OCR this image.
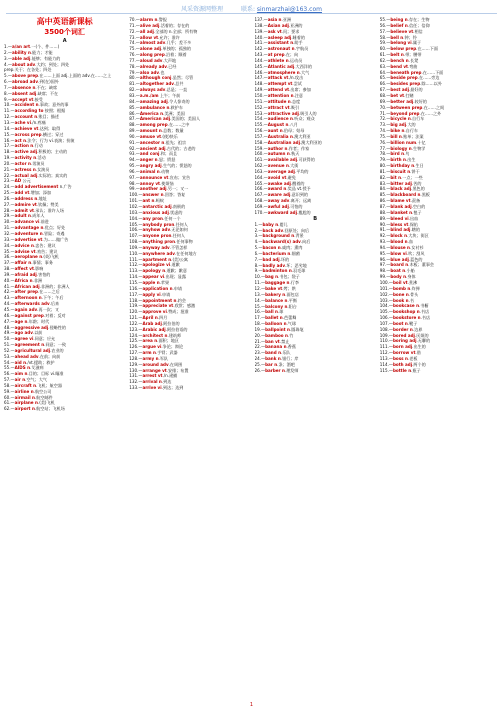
风采资源网整理	联系: sinmarzhai@163.com
高中英语新课标
3500个词汇
A
1.—a/an art.一(个、件……)
2.—ability n.能力；才能
3.—able adj.能够；有能力的
4.—about adv.大约；到处；四处
prep.关于；在各处；四处
5.—above prep.在……上面 adj.上面的 adv.在……之上
6.—abroad adv.到(在)国外
7.—absence n.不在；缺席
8.—absent adj.缺席；不在
9.—accept vt.接受
10.—accident n.事故；意外的事
11.—according to 按照；根据
12.—account n.账目；描述
13.—ache vi./n.疼痛
14.—achieve vt.达到；取得
15.—across prep.横过；穿过
16.—act n.法令；行为 vi.表演；扮演
17.—action n.行动
18.—active adj.积极的；主动的
19.—activity n.活动
20.—actor n.男演员
21.—actress n.女演员
22.—actual adj.实际的；真实的
23.—AD 公元
24.—add advertisement n.广告
25.—add vt.增加；添加
26.—address n.地址
27.—admire vt.钦佩；赞美
28.—admit vt.承认；准许入场
29.—adult n.成年人
30.—advance vi.前进
31.—advantage n.优点；好处
32.—adventure n.冒险；奇遇
33.—advertise vt.为……做广告
34.—advice n.忠告；建议
35.—advise vt.劝告；建议
36.—aeroplane n.(英)飞机
37.—affair n.事情；事务
38.—affect vt.影响
39.—afraid adj.害怕的
40.—Africa n.非洲
41.—African adj.非洲的；非洲人
42.—after prep.在……之后
43.—afternoon n.下午；午后
44.—afterwards adv.后来
45.—again adv.再一次；又
46.—against prep.对着；反对
47.—age n.年龄；时代
48.—aggressive adj.侵略性的
49.—ago adv.以前
50.—agree vi.同意；应允
51.—agreement n.同意；一致
52.—agricultural adj.农业的
53.—ahead adv.在前；向前
54.—aid n./vt.援助；救护
55.—AIDS n.艾滋病
56.—aim n.目的；目标 vi.瞄准
57.—air n.空气；大气
58.—aircraft n.飞机；航空器
59.—airline n.航空公司
60.—airmail n.航空邮件
61.—airplane n.(美)飞机
62.—airport n.航空站；飞机场
70.—alarm n.警报
71.—alive adj.活着的；存在的
72.—all adj.全部的 n.全部；所有物
73.—allow vt.允许；准许
74.—almost adv.几乎；差不多
75.—alone adj.单独的；孤独的
76.—along prep.沿着；顺着
77.—aloud adv.大声地
78.—already adv.已经
79.—also adv.也
80.—although conj.虽然；尽管
81.—altogether adv.总共
82.—always adv.总是；一直
83.—a.m./am 上午；午前
84.—amazing adj.令人惊奇的
85.—ambulance n.救护车
86.—America n.美洲；美国
87.—American adj.美国的；美国人
88.—among prep.在……之中
89.—amount n.总数；数量
90.—amuse vt.(使)快乐
91.—ancestor n.祖先；祖宗
92.—ancient adj.古代的；古老的
93.—and conj.和；而且
94.—anger n.怒；愤怒
95.—angry adj.生气的；愤怒的
96.—animal n.动物
97.—announce vt.宣布；宣告
98.—annoy vt.使烦恼
99.—another adj.另一；又一
100.—answer n.回答；答复
101.—ant n.蚂蚁
102.—antarctic adj.南极的
103.—anxious adj.忧虑的
104.—any pron.任何一个
105.—anybody pron.任何人
106.—anyhow adv.无论如何
107.—anyone pron.任何人
108.—anything pron.任何事物
109.—anyway adv.不管怎样
110.—anywhere adv.在任何地方
111.—apartment n.(美)公寓
112.—apologize vi.道歉
113.—apology n.道歉；歉意
114.—appear vi.出现；显露
115.—apple n.苹果
116.—application n.申请
117.—apply vi.申请
118.—appointment n.约会
119.—appreciate vt.欣赏；感激
120.—approve vi.赞成；批准
121.—April n.四月
122.—Arab adj.阿拉伯的
123.—Arabic adj.阿拉伯语的
124.—architect n.建筑师
125.—area n.面积；地区
126.—argue vi.争论；辩论
127.—arm n.手臂；武器
128.—army n.军队
129.—around adv.在周围
130.—arrange vt.安排；布置
131.—arrest vt./n.逮捕
132.—arrival n.到达
133.—arrive vi.到达；达到
137.—asia n.亚洲
138.—Asian adj.亚洲的
139.—ask vt.问；要求
140.—asleep adj.睡着的
141.—assistant n.助手
142.—astronaut n.宇航员
143.—at prep.在；向
144.—athlete n.运动员
145.—Atlantic adj.大西洋的
146.—atmosphere n.大气
147.—attack vt./n.攻击
148.—attempt vt.尝试
149.—attend vt.出席；参加
150.—attention n.注意
151.—attitude n.态度
152.—attract vt.吸引
153.—attractive adj.吸引人的
154.—audience n.听众；观众
155.—August n.八月
156.—aunt n.伯母；姑母
157.—Australia n.澳大利亚
158.—Australian adj.澳大利亚的
159.—author n.作者；作家
160.—autumn n.秋天
161.—available adj.可获得的
162.—avenue n.大街
163.—average adj.平均的
164.—avoid vt.避免
165.—awake adj.醒着的
166.—award n.奖品 vt.授予
167.—aware adj.意识到的
168.—away adv.离开；远离
169.—awful adj.可怕的
170.—awkward adj.尴尬的
B
1.—baby n.婴儿
2.—back adv.回原处；向后
3.—background n.背景
4.—backward(s) adv.向后
5.—bacon n.咸肉；熏肉
6.—bacterium n.细菌
7.—bad adj.坏的
8.—badly adv.坏；恶劣地
9.—badminton n.羽毛球
10.—bag n.书包；袋子
11.—baggage n.行李
12.—bake vt.烤；烘
13.—bakery n.面包店
14.—balance n.平衡
15.—balcony n.阳台
16.—ball n.球
17.—ballet n.芭蕾舞
18.—balloon n.气球
19.—ballpoint n.圆珠笔
20.—bamboo n.竹
21.—ban vt.禁止
22.—banana n.香蕉
23.—band n.乐队
24.—bank n.银行；岸
25.—bar n.条；酒吧
26.—barber n.理发师
55.—being n.存在；生物
56.—belief n.信任；信仰
57.—believe vt.相信
58.—bell n.钟；铃
59.—belong vi.属于
60.—below prep.在……下面
61.—belt n.带；腰带
62.—bench n.长凳
63.—bend vt.弯曲
64.—beneath prep.在……下面
65.—beside prep.在……旁边
66.—besides prep.除……以外
67.—best adj.最好的
68.—bet vt.打赌
69.—better adj.较好的
70.—between prep.在……之间
71.—beyond prep.在……之外
72.—bicycle n.自行车
73.—big adj.大的
74.—bike n.自行车
75.—bill n.账单；法案
76.—billion num.十亿
77.—biology n.生物学
78.—bird n.鸟
79.—birth n.出生
80.—birthday n.生日
81.—biscuit n.饼干
82.—bit n.一点；一些
83.—bitter adj.苦的
84.—black adj.黑色的
85.—blackboard n.黑板
86.—blame vt.责备
87.—blank adj.空白的
88.—blanket n.毯子
89.—bleed vi.出血
90.—bless vt.保佑
91.—blind adj.瞎的
92.—block n.大块；街区
93.—blood n.血
94.—blouse n.女衬衫
95.—blow vi.吹；刮风
96.—blue adj.蓝色的
97.—board n.木板；董事会
98.—boat n.小船
99.—body n.身体
100.—boil vt.煮沸
101.—bomb n.炸弹
102.—bone n.骨头
103.—book n.书
104.—bookcase n.书橱
105.—bookshop n.书店
106.—bookstore n.书店
107.—boot n.靴子
108.—border n.边界
109.—bored adj.厌烦的
110.—boring adj.无聊的
111.—born adj.出生的
112.—borrow vt.借
113.—boss n.老板
114.—both adj.两个的
115.—bottle n.瓶子
1
